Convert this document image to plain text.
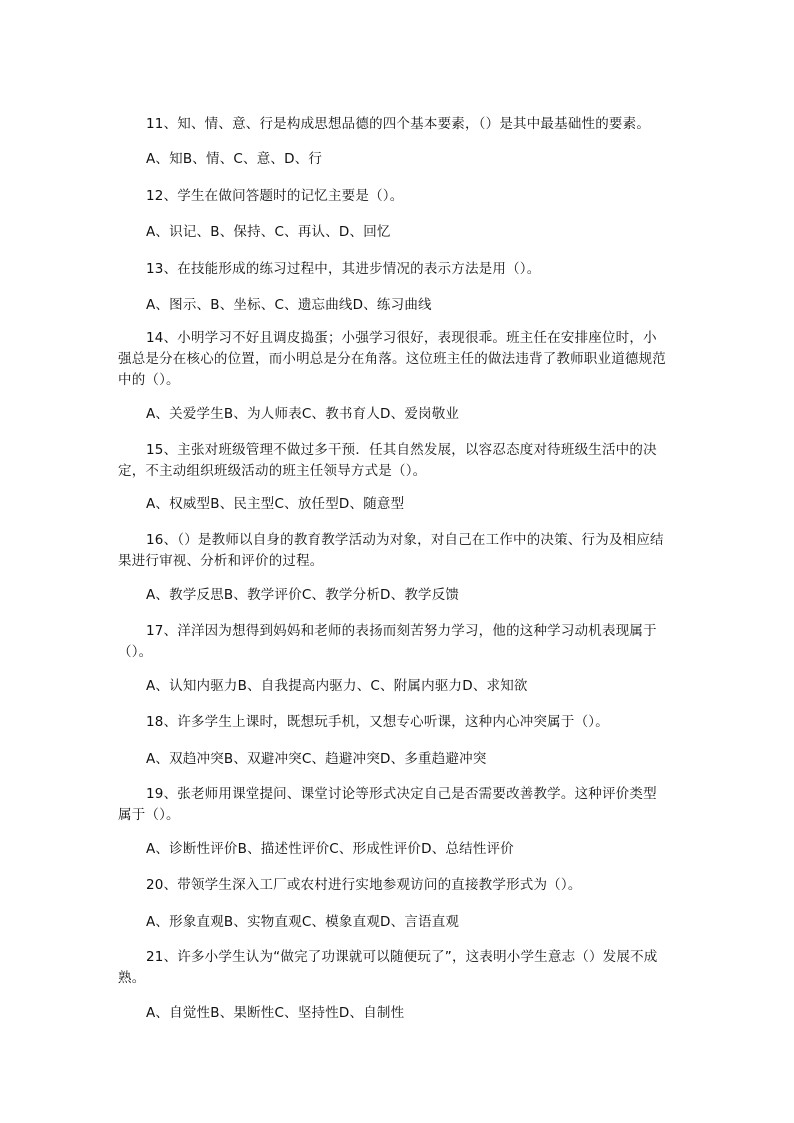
11、知、情、意、行是构成思想品德的四个基本要素，（）是其中最基础性的要素。

A、知B、情、C、意、D、行

12、学生在做问答题时的记忆主要是（）。

A、识记、B、保持、C、再认、D、回忆

13、在技能形成的练习过程中，其进步情况的表示方法是用（）。

A、图示、B、坐标、C、遗忘曲线D、练习曲线

14、小明学习不好且调皮捣蛋；小强学习很好，表现很乖。班主任在安排座位时，小强总是分在核心的位置，而小明总是分在角落。这位班主任的做法违背了教师职业道德规范中的（）。

A、关爱学生B、为人师表C、教书育人D、爱岗敬业

15、主张对班级管理不做过多干预．任其自然发展，以容忍态度对待班级生活中的决定，不主动组织班级活动的班主任领导方式是（）。

A、权威型B、民主型C、放任型D、随意型

16、（）是教师以自身的教育教学活动为对象，对自己在工作中的决策、行为及相应结果进行审视、分析和评价的过程。

A、教学反思B、教学评价C、教学分析D、教学反馈

17、洋洋因为想得到妈妈和老师的表扬而刻苦努力学习，他的这种学习动机表现属于（）。

A、认知内驱力B、自我提高内驱力、C、附属内驱力D、求知欲

18、许多学生上课时，既想玩手机，又想专心听课，这种内心冲突属于（）。

A、双趋冲突B、双避冲突C、趋避冲突D、多重趋避冲突

19、张老师用课堂提问、课堂讨论等形式决定自己是否需要改善教学。这种评价类型属于（）。

A、诊断性评价B、描述性评价C、形成性评价D、总结性评价

20、带领学生深入工厂或农村进行实地参观访问的直接教学形式为（）。

A、形象直观B、实物直观C、模象直观D、言语直观

21、许多小学生认为“做完了功课就可以随便玩了”，这表明小学生意志（）发展不成熟。

A、自觉性B、果断性C、坚持性D、自制性
